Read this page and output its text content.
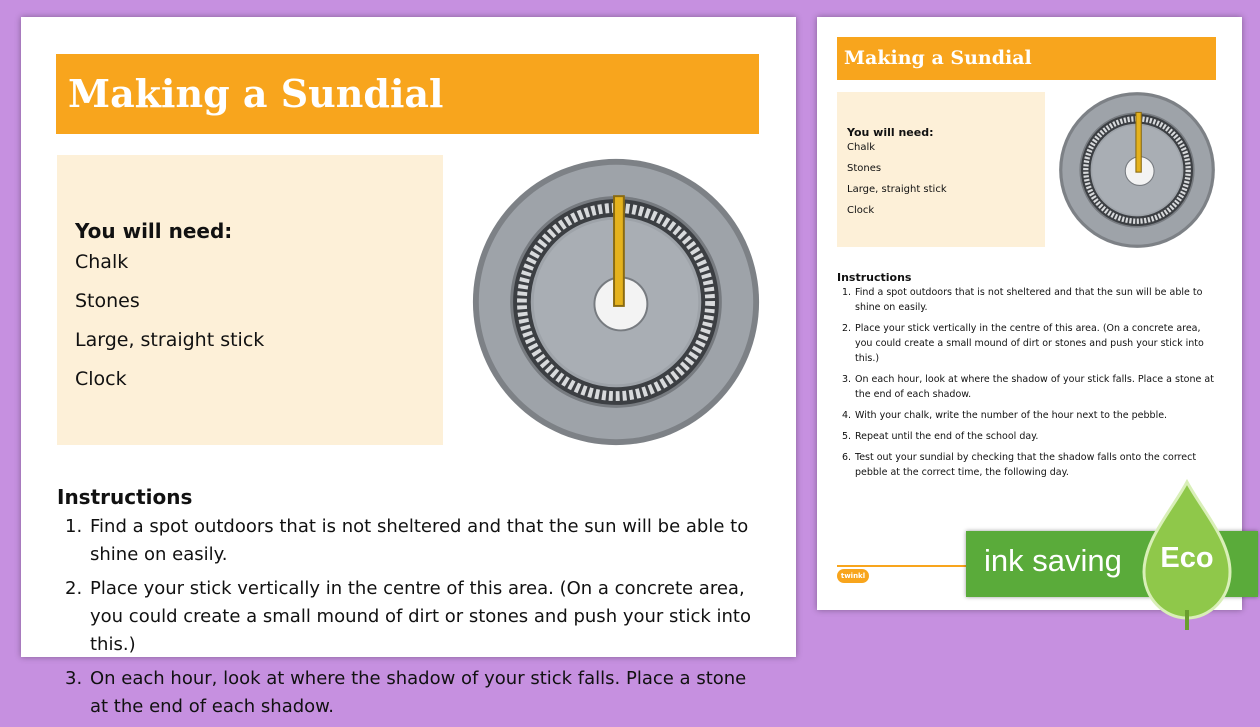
Making a Sundial
You will need:
Chalk
Stones
Large, straight stick
Clock
Instructions
1. Find a spot outdoors that is not sheltered and that the sun will be able to shine on easily.
2. Place your stick vertically in the centre of this area. (On a concrete area, you could create a small mound of dirt or stones and push your stick into this.)
3. On each hour, look at where the shadow of your stick falls. Place a stone at the end of each shadow.
Making a Sundial
You will need:
Chalk
Stones
Large, straight stick
Clock
Instructions
1. Find a spot outdoors that is not sheltered and that the sun will be able to shine on easily.
2. Place your stick vertically in the centre of this area. (On a concrete area, you could create a small mound of dirt or stones and push your stick into this.)
3. On each hour, look at where the shadow of your stick falls. Place a stone at the end of each shadow.
4. With your chalk, write the number of the hour next to the pebble.
5. Repeat until the end of the school day.
6. Test out your sundial by checking that the shadow falls onto the correct pebble at the correct time, the following day.
twinkl	ink saving	Eco
